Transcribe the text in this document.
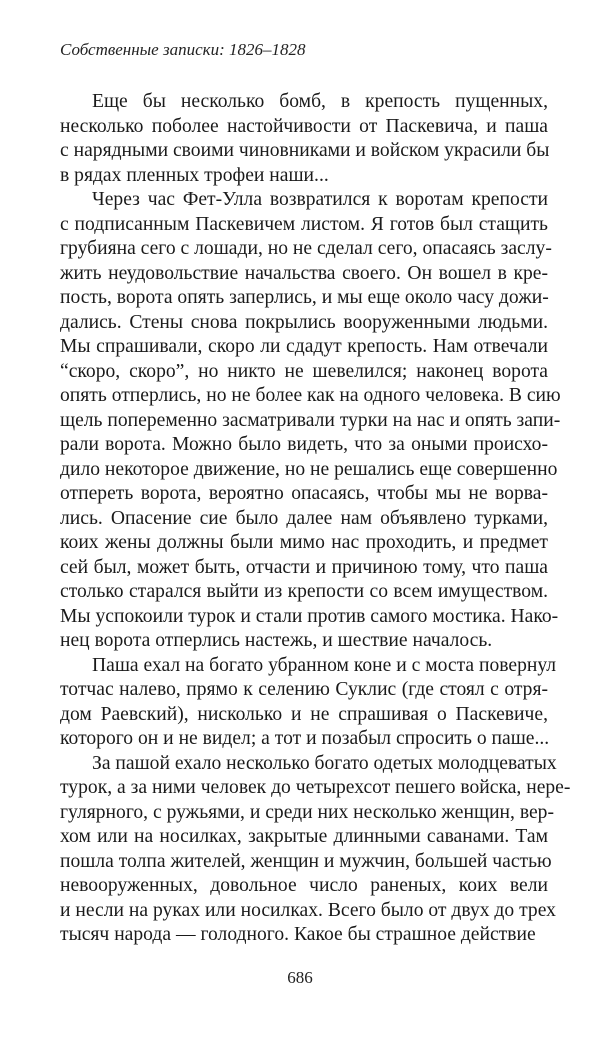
Собственные записки: 1826–1828
Еще бы несколько бомб, в крепость пущенных,
несколько поболее настойчивости от Паскевича, и паша
с нарядными своими чиновниками и войском украсили бы
в рядах пленных трофеи наши...
Через час Фет-Улла возвратился к воротам крепости
с подписанным Паскевичем листом. Я готов был стащить
грубияна сего с лошади, но не сделал сего, опасаясь заслу-
жить неудовольствие начальства своего. Он вошел в кре-
пость, ворота опять заперлись, и мы еще около часу дожи-
дались. Стены снова покрылись вооруженными людьми.
Мы спрашивали, скоро ли сдадут крепость. Нам отвечали
“скоро, скоро”, но никто не шевелился; наконец ворота
опять отперлись, но не более как на одного человека. В сию
щель попеременно засматривали турки на нас и опять запи-
рали ворота. Можно было видеть, что за оными происхо-
дило некоторое движение, но не решались еще совершенно
отпереть ворота, вероятно опасаясь, чтобы мы не ворва-
лись. Опасение сие было далее нам объявлено турками,
коих жены должны были мимо нас проходить, и предмет
сей был, может быть, отчасти и причиною тому, что паша
столько старался выйти из крепости со всем имуществом.
Мы успокоили турок и стали против самого мостика. Нако-
нец ворота отперлись настежь, и шествие началось.
Паша ехал на богато убранном коне и с моста повернул
тотчас налево, прямо к селению Суклис (где стоял с отря-
дом Раевский), нисколько и не спрашивая о Паскевиче,
которого он и не видел; а тот и позабыл спросить о паше...
За пашой ехало несколько богато одетых молодцеватых
турок, а за ними человек до четырехсот пешего войска, нере-
гулярного, с ружьями, и среди них несколько женщин, вер-
хом или на носилках, закрытые длинными саванами. Там
пошла толпа жителей, женщин и мужчин, большей частью
невооруженных, довольное число раненых, коих вели
и несли на руках или носилках. Всего было от двух до трех
тысяч народа — голодного. Какое бы страшное действие
686
